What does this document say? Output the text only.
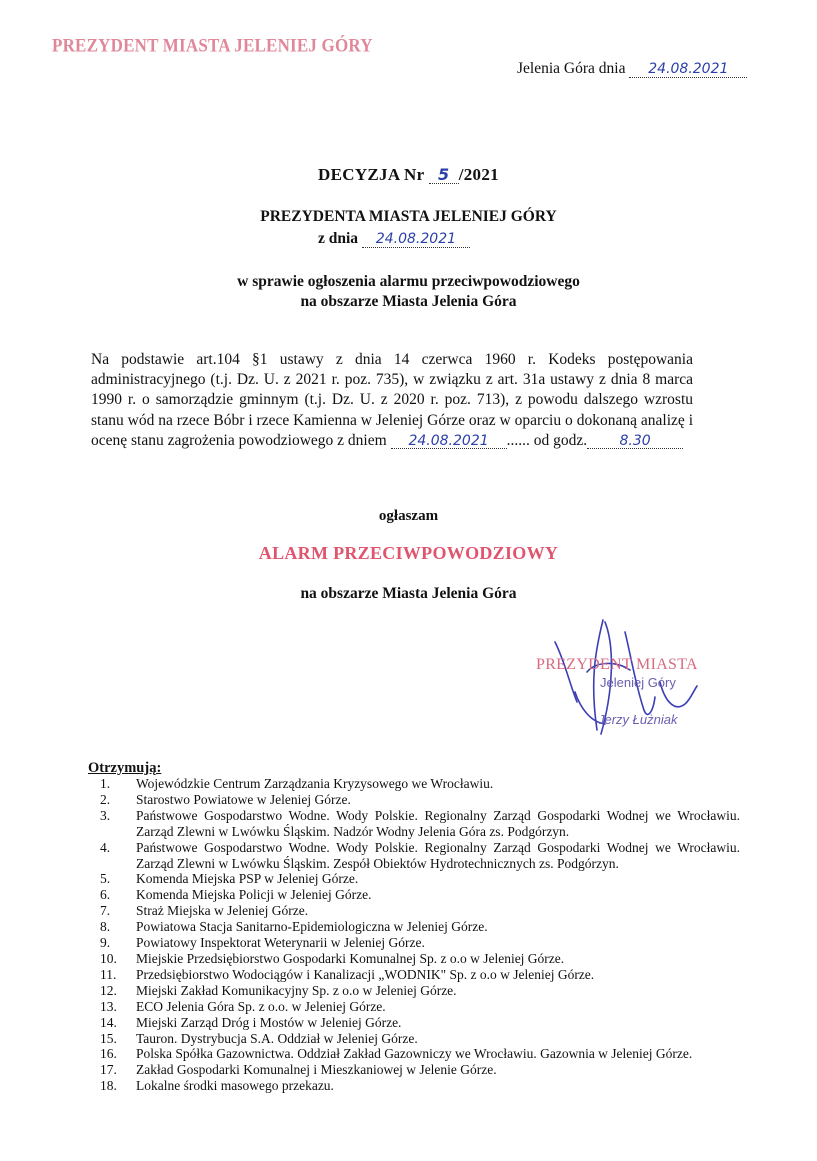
PREZYDENT MIASTA JELENIEJ GÓRY
Jelenia Góra dnia 24.08.2021
DECYZJA Nr 5 /2021
PREZYDENTA MIASTA JELENIEJ GÓRY
z dnia 24.08.2021
w sprawie ogłoszenia alarmu przeciwpowodziowego
na obszarze Miasta Jelenia Góra
Na podstawie art.104 §1 ustawy z dnia 14 czerwca 1960 r. Kodeks postępowania administracyjnego (t.j. Dz. U. z 2021 r. poz. 735), w związku z art. 31a ustawy z dnia 8 marca 1990 r. o samorządzie gminnym (t.j. Dz. U. z 2020 r. poz. 713), z powodu dalszego wzrostu stanu wód na rzece Bóbr i rzece Kamienna w Jeleniej Górze oraz w oparciu o dokonaną analizę i ocenę stanu zagrożenia powodziowego z dniem 24.08.2021 ...... od godz. 8.30
ogłaszam
ALARM PRZECIWPOWODZIOWY
na obszarze Miasta Jelenia Góra
PREZYDENT MIASTA
Jeleniej Góry
Jerzy Łużniak
Otrzymują:
1.	Wojewódzkie Centrum Zarządzania Kryzysowego we Wrocławiu.
2.	Starostwo Powiatowe w Jeleniej Górze.
3.	Państwowe Gospodarstwo Wodne. Wody Polskie. Regionalny Zarząd Gospodarki Wodnej we Wrocławiu. Zarząd Zlewni w Lwówku Śląskim. Nadzór Wodny Jelenia Góra zs. Podgórzyn.
4.	Państwowe Gospodarstwo Wodne. Wody Polskie. Regionalny Zarząd Gospodarki Wodnej we Wrocławiu. Zarząd Zlewni w Lwówku Śląskim. Zespół Obiektów Hydrotechnicznych zs. Podgórzyn.
5.	Komenda Miejska PSP w Jeleniej Górze.
6.	Komenda Miejska Policji w Jeleniej Górze.
7.	Straż Miejska w Jeleniej Górze.
8.	Powiatowa Stacja Sanitarno-Epidemiologiczna w Jeleniej Górze.
9.	Powiatowy Inspektorat Weterynarii w Jeleniej Górze.
10.	Miejskie Przedsiębiorstwo Gospodarki Komunalnej Sp. z o.o w Jeleniej Górze.
11.	Przedsiębiorstwo Wodociągów i Kanalizacji „WODNIK" Sp. z o.o w Jeleniej Górze.
12.	Miejski Zakład Komunikacyjny Sp. z o.o w Jeleniej Górze.
13.	ECO Jelenia Góra Sp. z o.o. w Jeleniej Górze.
14.	Miejski Zarząd Dróg i Mostów w Jeleniej Górze.
15.	Tauron. Dystrybucja S.A. Oddział w Jeleniej Górze.
16.	Polska Spółka Gazownictwa. Oddział Zakład Gazowniczy we Wrocławiu. Gazownia w Jeleniej Górze.
17.	Zakład Gospodarki Komunalnej i Mieszkaniowej w Jelenie Górze.
18.	Lokalne środki masowego przekazu.
